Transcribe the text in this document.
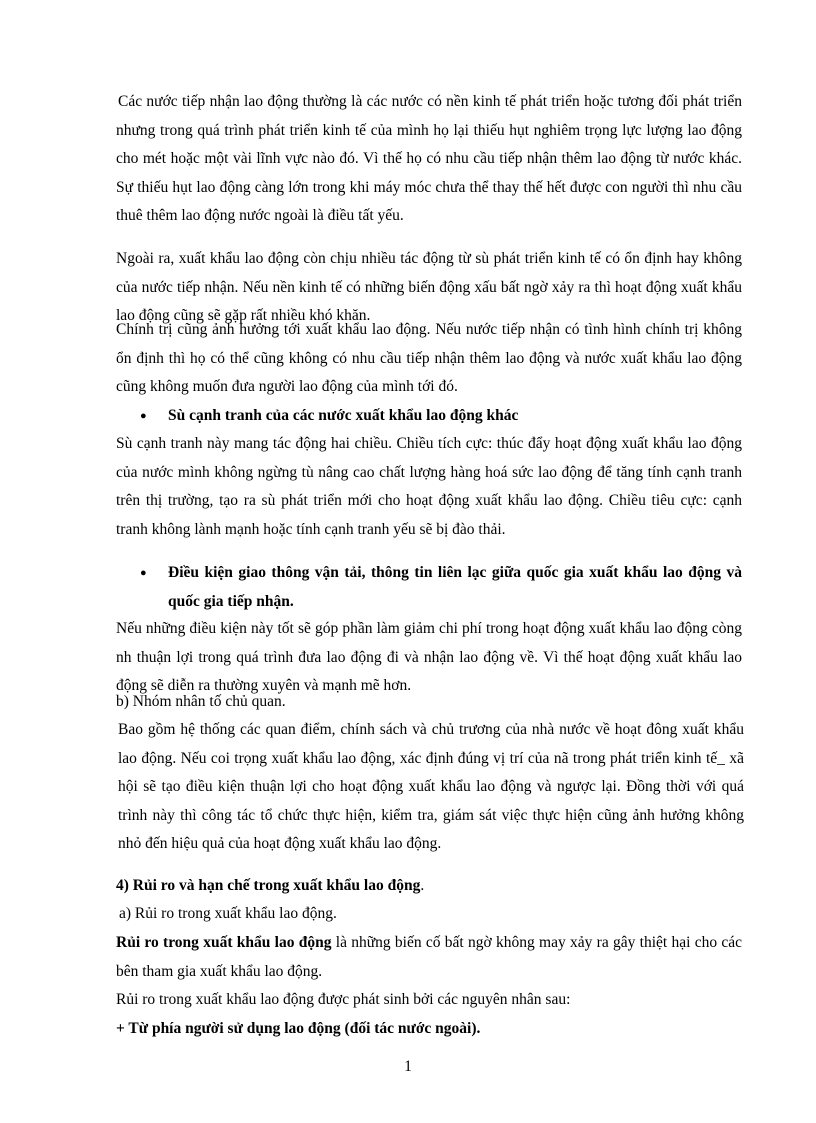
Các nước tiếp nhận lao động thường là các nước có nền kinh tế phát triển hoặc tương đối phát triển nhưng trong quá trình phát triển kinh tế của mình họ lại thiếu hụt nghiêm trọng lực lượng lao động cho mét hoặc một vài lĩnh vực nào đó. Vì thế họ có nhu cầu tiếp nhận thêm lao động từ nước khác. Sự thiếu hụt lao động càng lớn trong khi máy móc chưa thể thay thế hết được con người thì nhu cầu thuê thêm lao động nước ngoài là điều tất yếu.
Ngoài ra, xuất khẩu lao động còn chịu nhiều tác động từ sù phát triển kinh tế có ổn định hay không của nước tiếp nhận. Nếu nền kinh tế có những biến động xấu bất ngờ xảy ra thì hoạt động xuất khẩu lao động cũng sẽ gặp rất nhiều khó khăn.
Chính trị cũng ảnh hưởng tới xuất khẩu lao động. Nếu nước tiếp nhận có tình hình chính trị không ổn định thì họ có thể cũng không có nhu cầu tiếp nhận thêm lao động và nước xuất khẩu lao động cũng không muốn đưa người lao động của mình tới đó.
●	Sù cạnh tranh của các nước xuất khẩu lao động khác
Sù cạnh tranh này mang tác động hai chiều. Chiều tích cực: thúc đẩy hoạt động xuất khẩu lao động của nước mình không ngừng tù nâng cao chất lượng hàng hoá sức lao động để tăng tính cạnh tranh trên thị trường, tạo ra sù phát triển mới cho hoạt động xuất khẩu lao động. Chiều tiêu cực: cạnh tranh không lành mạnh hoặc tính cạnh tranh yếu sẽ bị đào thải.
●	Điều kiện giao thông vận tải, thông tin liên lạc giữa quốc gia xuất khẩu lao động và quốc gia tiếp nhận.
Nếu những điều kiện này tốt sẽ góp phần làm giảm chi phí trong hoạt động xuất khẩu lao động còng nh thuận lợi trong quá trình đưa lao động đi và nhận lao động về. Vì thế hoạt động xuất khẩu lao động sẽ diễn ra thường xuyên và mạnh mẽ hơn.
b) Nhóm nhân tố chủ quan.
Bao gồm hệ thống các quan điểm, chính sách và chủ trương của nhà nước về hoạt đông xuất khẩu lao động. Nếu coi trọng xuất khẩu lao động, xác định đúng vị trí của nã trong phát triển kinh tế_ xã hội sẽ tạo điều kiện thuận lợi cho hoạt động xuất khẩu lao động và ngược lại. Đồng thời với quá trình này thì công tác tổ chức thực hiện, kiểm tra, giám sát việc thực hiện cũng ảnh hưởng không nhỏ đến hiệu quả của hoạt động xuất khẩu lao động.
4) Rủi ro và hạn chế trong xuất khẩu lao động.
a) Rủi ro trong xuất khẩu lao động.
Rủi ro trong xuất khẩu lao động là những biến cố bất ngờ không may xảy ra gây thiệt hại cho các bên tham gia xuất khẩu lao động.
Rủi ro trong xuất khẩu lao động được phát sinh bởi các nguyên nhân sau:
+ Từ phía người sử dụng lao động (đối tác nước ngoài).
1
